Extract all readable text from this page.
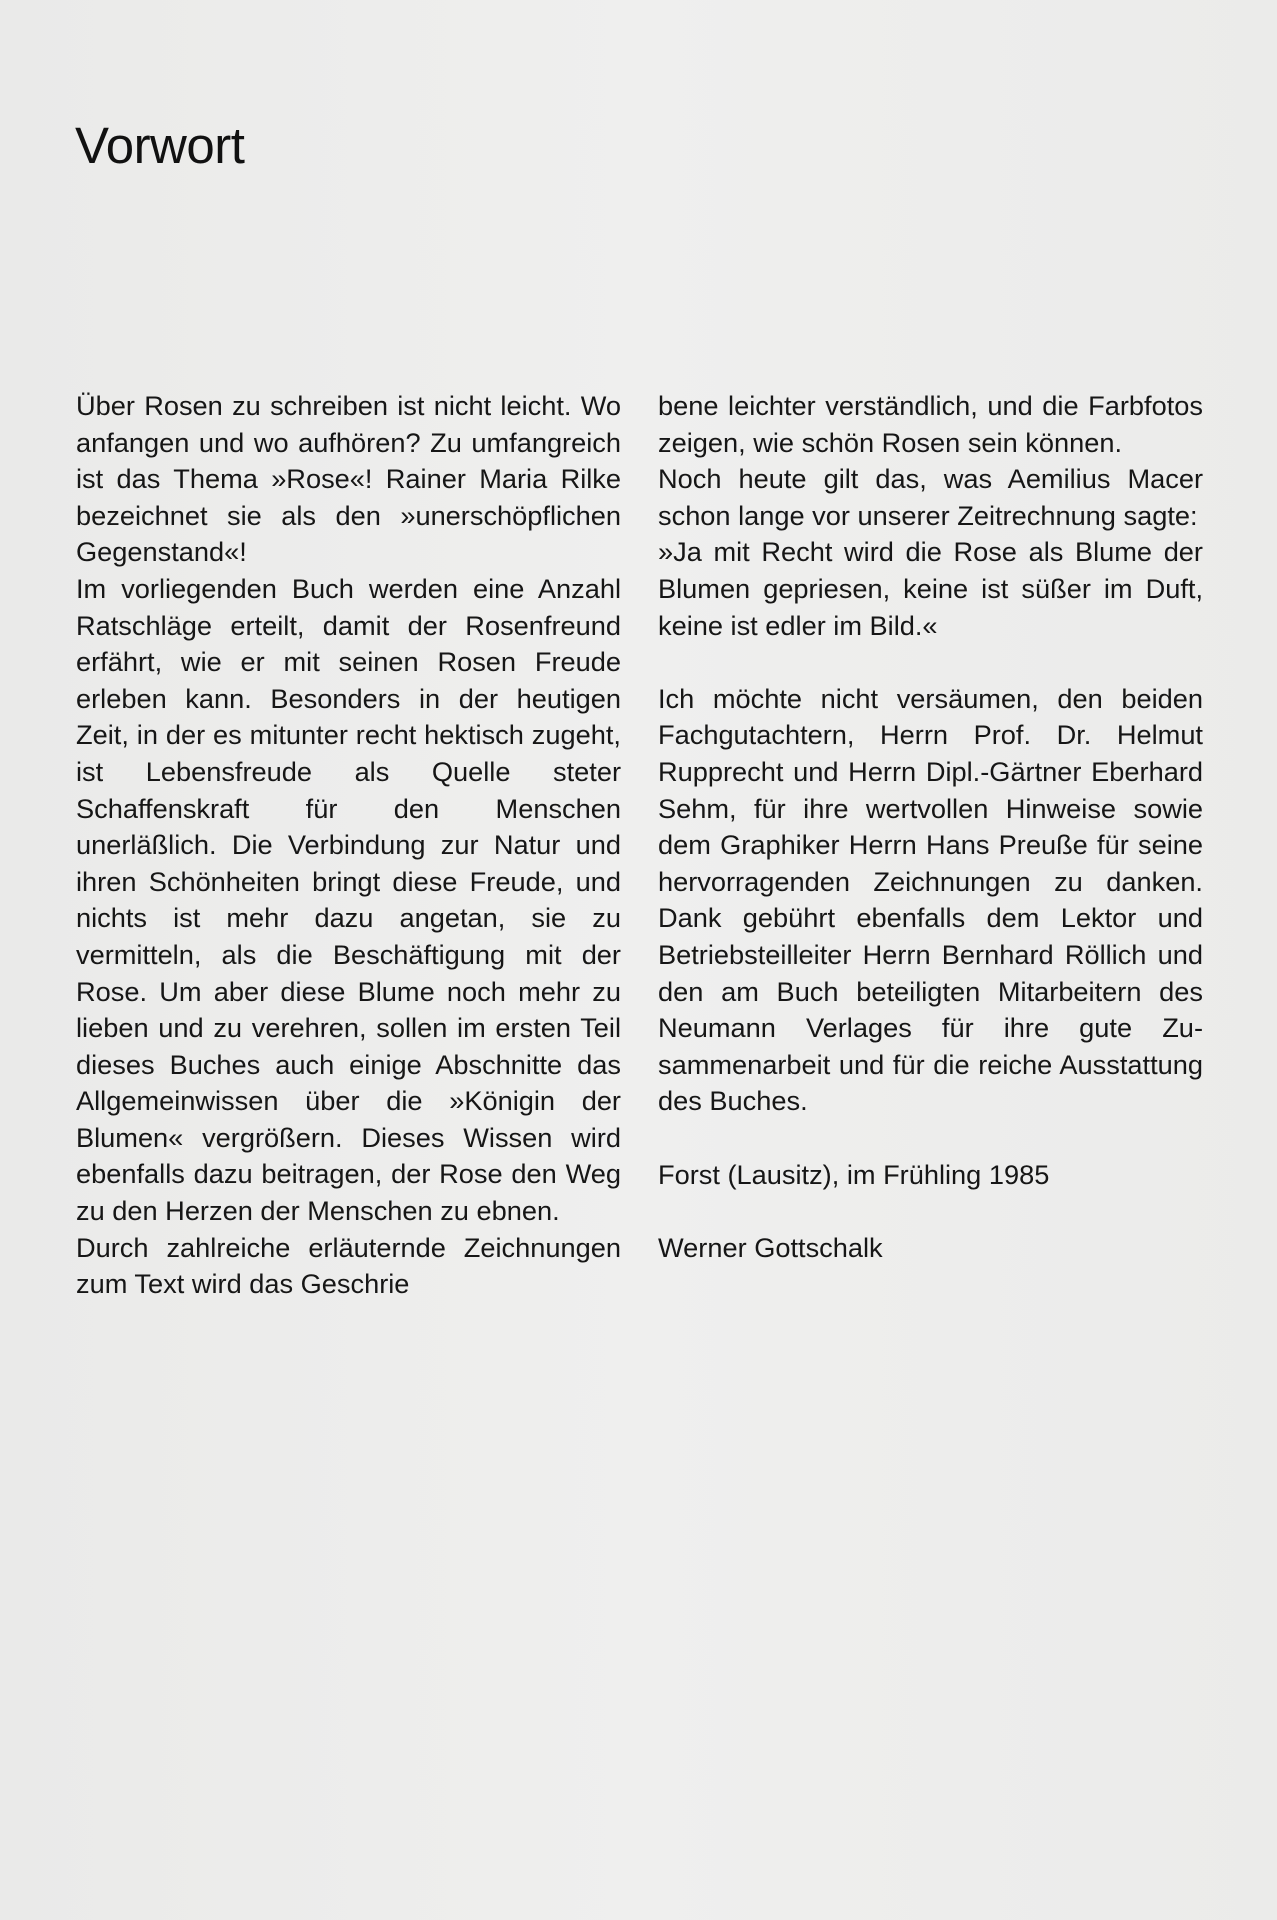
Vorwort

Über Rosen zu schreiben ist nicht leicht. Wo anfangen und wo aufhören? Zu umfangreich ist das Thema »Rose«! Rainer Maria Rilke bezeichnet sie als den »unerschöpflichen Gegenstand«!

Im vorliegenden Buch werden eine Anzahl Ratschläge erteilt, damit der Rosenfreund erfährt, wie er mit seinen Rosen Freude erleben kann. Besonders in der heutigen Zeit, in der es mitunter recht hektisch zugeht, ist Lebensfreude als Quelle steter Schaffenskraft für den Menschen unerläßlich. Die Verbindung zur Natur und ihren Schönheiten bringt diese Freude, und nichts ist mehr dazu angetan, sie zu vermitteln, als die Beschäftigung mit der Rose. Um aber diese Blume noch mehr zu lieben und zu verehren, sollen im ersten Teil dieses Buches auch einige Abschnitte das Allgemeinwissen über die »Königin der Blumen« vergrößern. Dieses Wissen wird ebenfalls dazu beitragen, der Rose den Weg zu den Herzen der Menschen zu ebnen.

Durch zahlreiche erläuternde Zeichnungen zum Text wird das Geschrie

bene leichter verständlich, und die Farbfotos zeigen, wie schön Rosen sein können.

Noch heute gilt das, was Aemilius Macer schon lange vor unserer Zeitrechnung sagte:

»Ja mit Recht wird die Rose als Blume der Blumen gepriesen, keine ist süßer im Duft, keine ist edler im Bild.«

Ich möchte nicht versäumen, den beiden Fachgutachtern, Herrn Prof. Dr. Helmut Rupprecht und Herrn Dipl.-Gärtner Eberhard Sehm, für ihre wertvollen Hinweise sowie dem Graphiker Herrn Hans Preuße für seine hervorragenden Zeichnungen zu danken. Dank gebührt ebenfalls dem Lektor und Betriebsteilleiter Herrn Bernhard Röllich und den am Buch beteiligten Mitarbeitern des Neumann Verlages für ihre gute Zusammenarbeit und für die reiche Ausstattung des Buches.

Forst (Lausitz), im Frühling 1985

Werner Gottschalk
